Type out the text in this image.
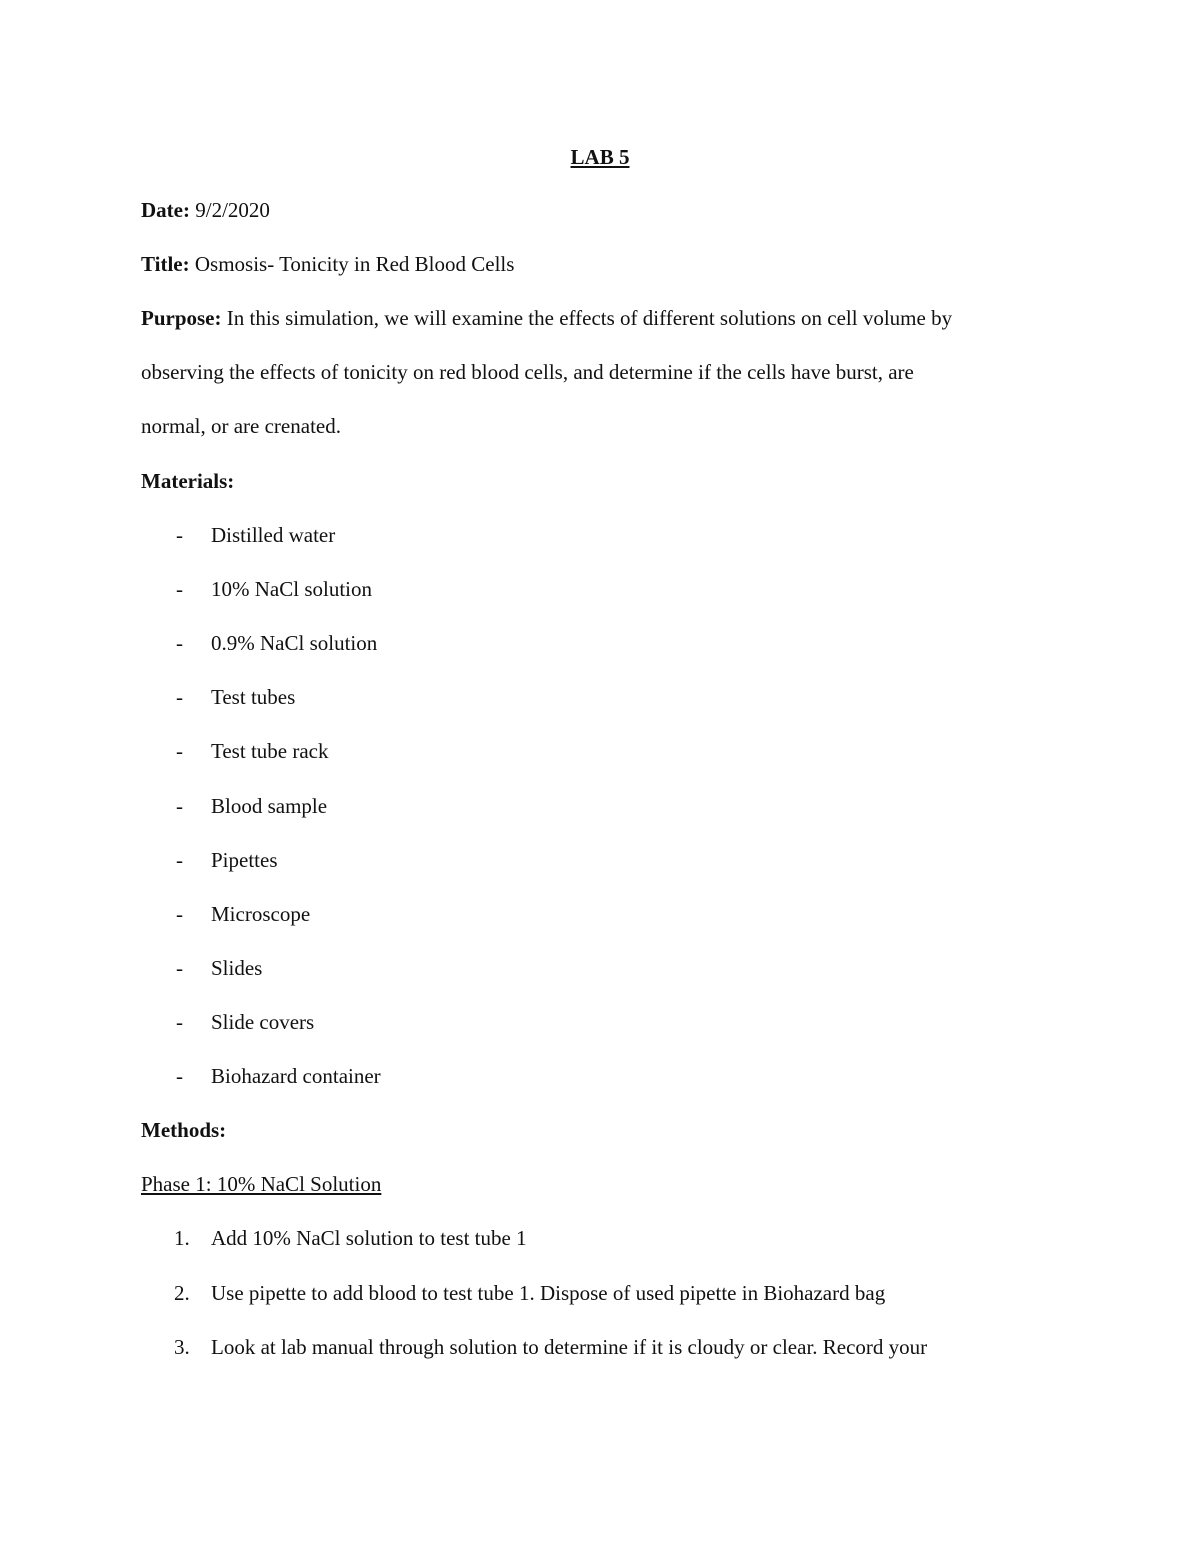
LAB 5
Date: 9/2/2020
Title: Osmosis- Tonicity in Red Blood Cells
Purpose: In this simulation, we will examine the effects of different solutions on cell volume by
observing the effects of tonicity on red blood cells, and determine if the cells have burst, are
normal, or are crenated.
Materials:
- Distilled water
- 10% NaCl solution
- 0.9% NaCl solution
- Test tubes
- Test tube rack
- Blood sample
- Pipettes
- Microscope
- Slides
- Slide covers
- Biohazard container
Methods:
Phase 1: 10% NaCl Solution
1. Add 10% NaCl solution to test tube 1
2. Use pipette to add blood to test tube 1. Dispose of used pipette in Biohazard bag
3. Look at lab manual through solution to determine if it is cloudy or clear. Record your
